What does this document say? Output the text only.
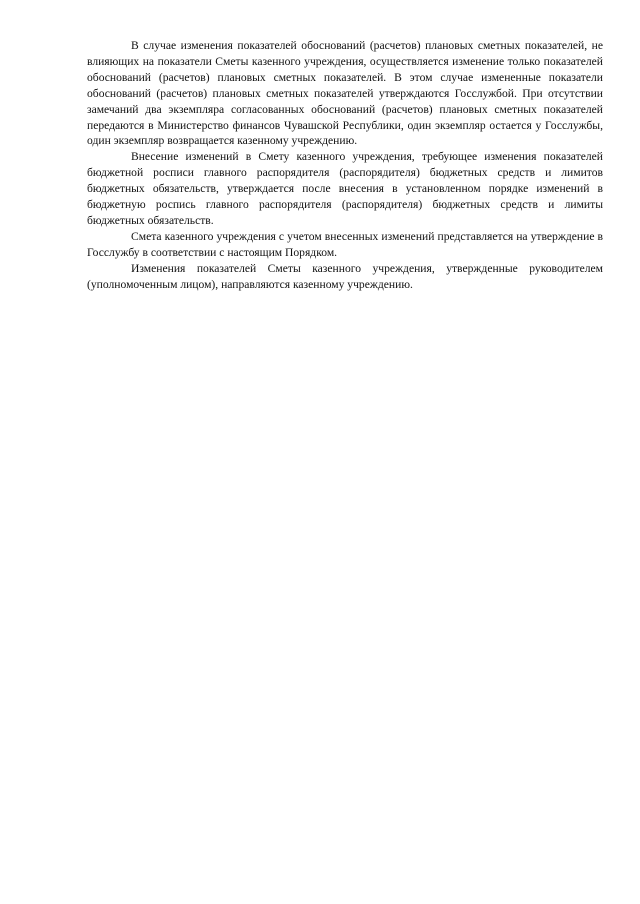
В случае изменения показателей обоснований (расчетов) плановых сметных показателей, не влияющих на показатели Сметы казенного учреждения, осуществляется изменение только показателей обоснований (расчетов) плановых сметных показателей. В этом случае измененные показатели обоснований (расчетов) плановых сметных показателей утверждаются Госслужбой. При отсутствии замечаний два экземпляра согласованных обоснований (расчетов) плановых сметных показателей передаются в Министерство финансов Чувашской Республики, один экземпляр остается у Госслужбы, один экземпляр возвращается казенному учреждению.

Внесение изменений в Смету казенного учреждения, требующее изменения показателей бюджетной росписи главного распорядителя (распорядителя) бюджетных средств и лимитов бюджетных обязательств, утверждается после внесения в установленном порядке изменений в бюджетную роспись главного распорядителя (распорядителя) бюджетных средств и лимиты бюджетных обязательств.

Смета казенного учреждения с учетом внесенных изменений представляется на утверждение в Госслужбу в соответствии с настоящим Порядком.

Изменения показателей Сметы казенного учреждения, утвержденные руководителем (уполномоченным лицом), направляются казенному учреждению.
